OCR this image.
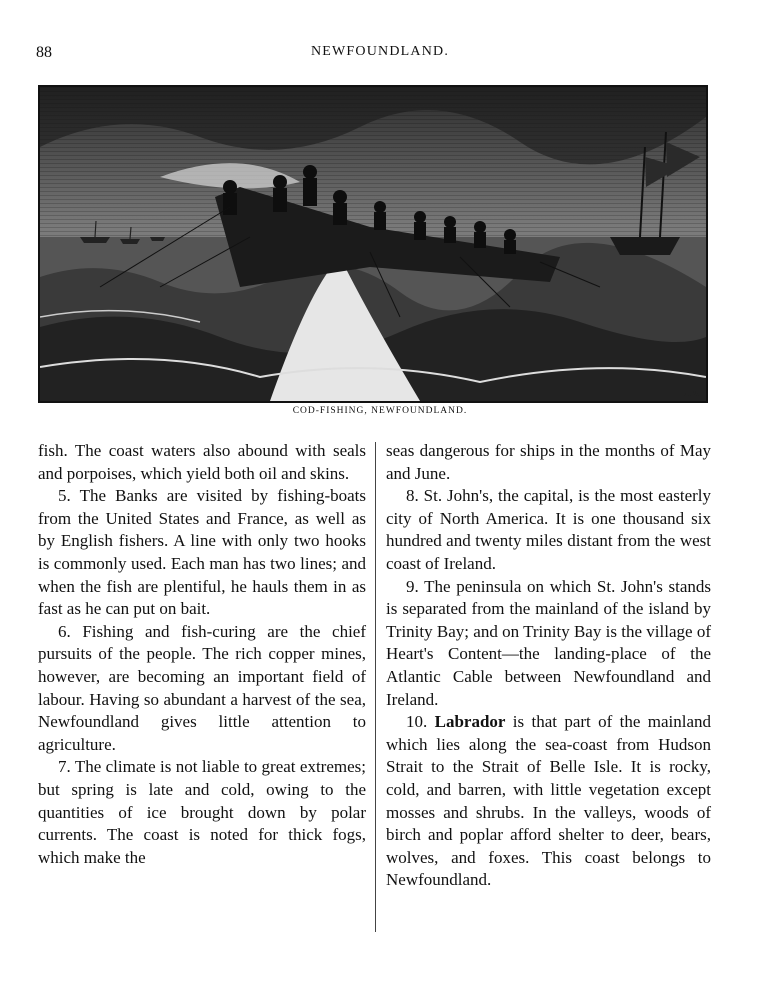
88	NEWFOUNDLAND.
H.W.
COD-FISHING, NEWFOUNDLAND.

fish. The coast waters also abound with seals and porpoises, which yield both oil and skins.

5. The Banks are visited by fishing-boats from the United States and France, as well as by English fishers. A line with only two hooks is commonly used. Each man has two lines; and when the fish are plentiful, he hauls them in as fast as he can put on bait.

6. Fishing and fish-curing are the chief pursuits of the people. The rich copper mines, however, are becoming an important field of labour. Having so abundant a harvest of the sea, Newfoundland gives little attention to agriculture.

7. The climate is not liable to great extremes; but spring is late and cold, owing to the quantities of ice brought down by polar currents. The coast is noted for thick fogs, which make the

seas dangerous for ships in the months of May and June.

8. St. John's, the capital, is the most easterly city of North America. It is one thousand six hundred and twenty miles distant from the west coast of Ireland.

9. The peninsula on which St. John's stands is separated from the mainland of the island by Trinity Bay; and on Trinity Bay is the village of Heart's Content—the landing-place of the Atlantic Cable between Newfoundland and Ireland.

10. Labrador is that part of the mainland which lies along the sea-coast from Hudson Strait to the Strait of Belle Isle. It is rocky, cold, and barren, with little vegetation except mosses and shrubs. In the valleys, woods of birch and poplar afford shelter to deer, bears, wolves, and foxes. This coast belongs to Newfoundland.
